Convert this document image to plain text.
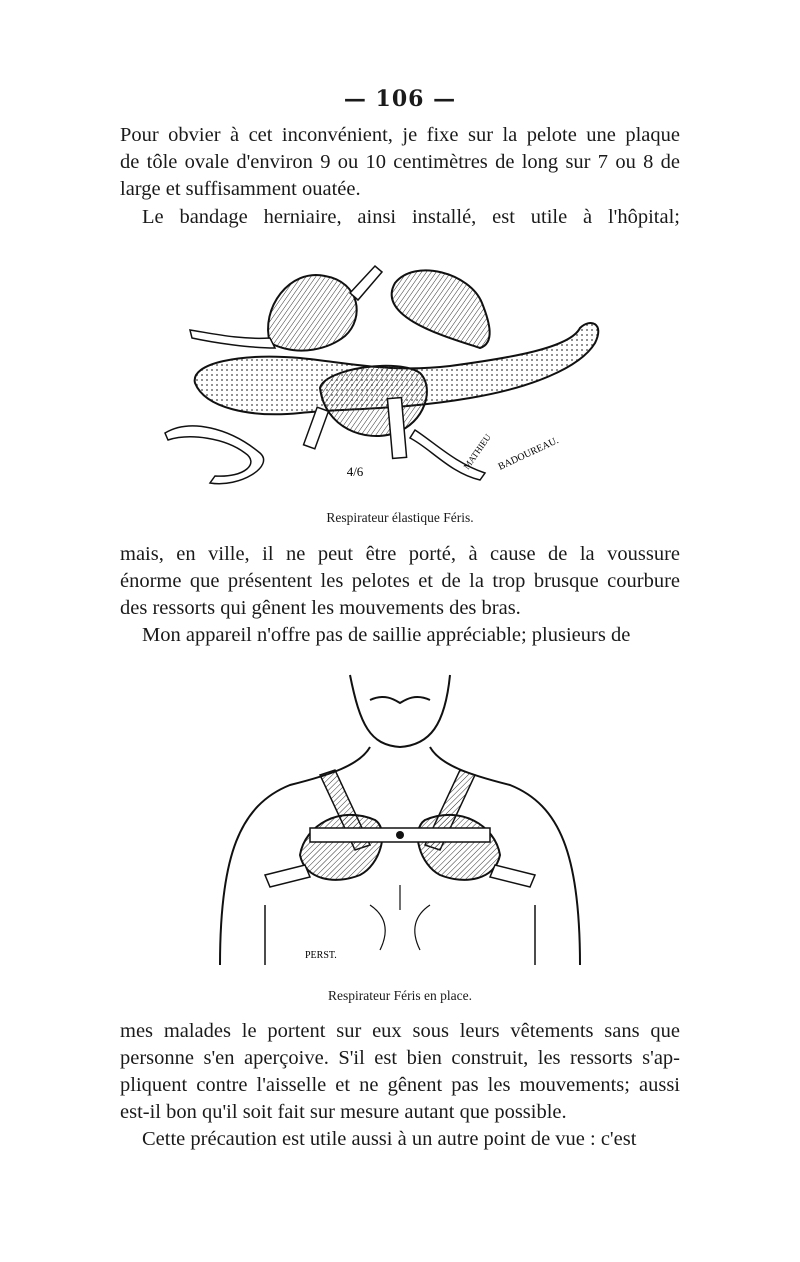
— 106 —
Pour obvier à cet inconvénient, je fixe sur la pelote une plaque
de tôle ovale d'environ 9 ou 10 centimètres de long sur 7 ou 8 de
large et suffisamment ouatée.
Le bandage herniaire, ainsi installé, est utile à l'hôpital;
4/6
MATHIEU BADOUREAU.
Respirateur élastique Féris.
mais, en ville, il ne peut être porté, à cause de la voussure
énorme que présentent les pelotes et de la trop brusque courbure
des ressorts qui gênent les mouvements des bras.
Mon appareil n'offre pas de saillie appréciable; plusieurs de
PERST.
Respirateur Féris en place.
mes malades le portent sur eux sous leurs vêtements sans que
personne s'en aperçoive. S'il est bien construit, les ressorts s'ap-
pliquent contre l'aisselle et ne gênent pas les mouvements; aussi
est-il bon qu'il soit fait sur mesure autant que possible.
Cette précaution est utile aussi à un autre point de vue : c'est
